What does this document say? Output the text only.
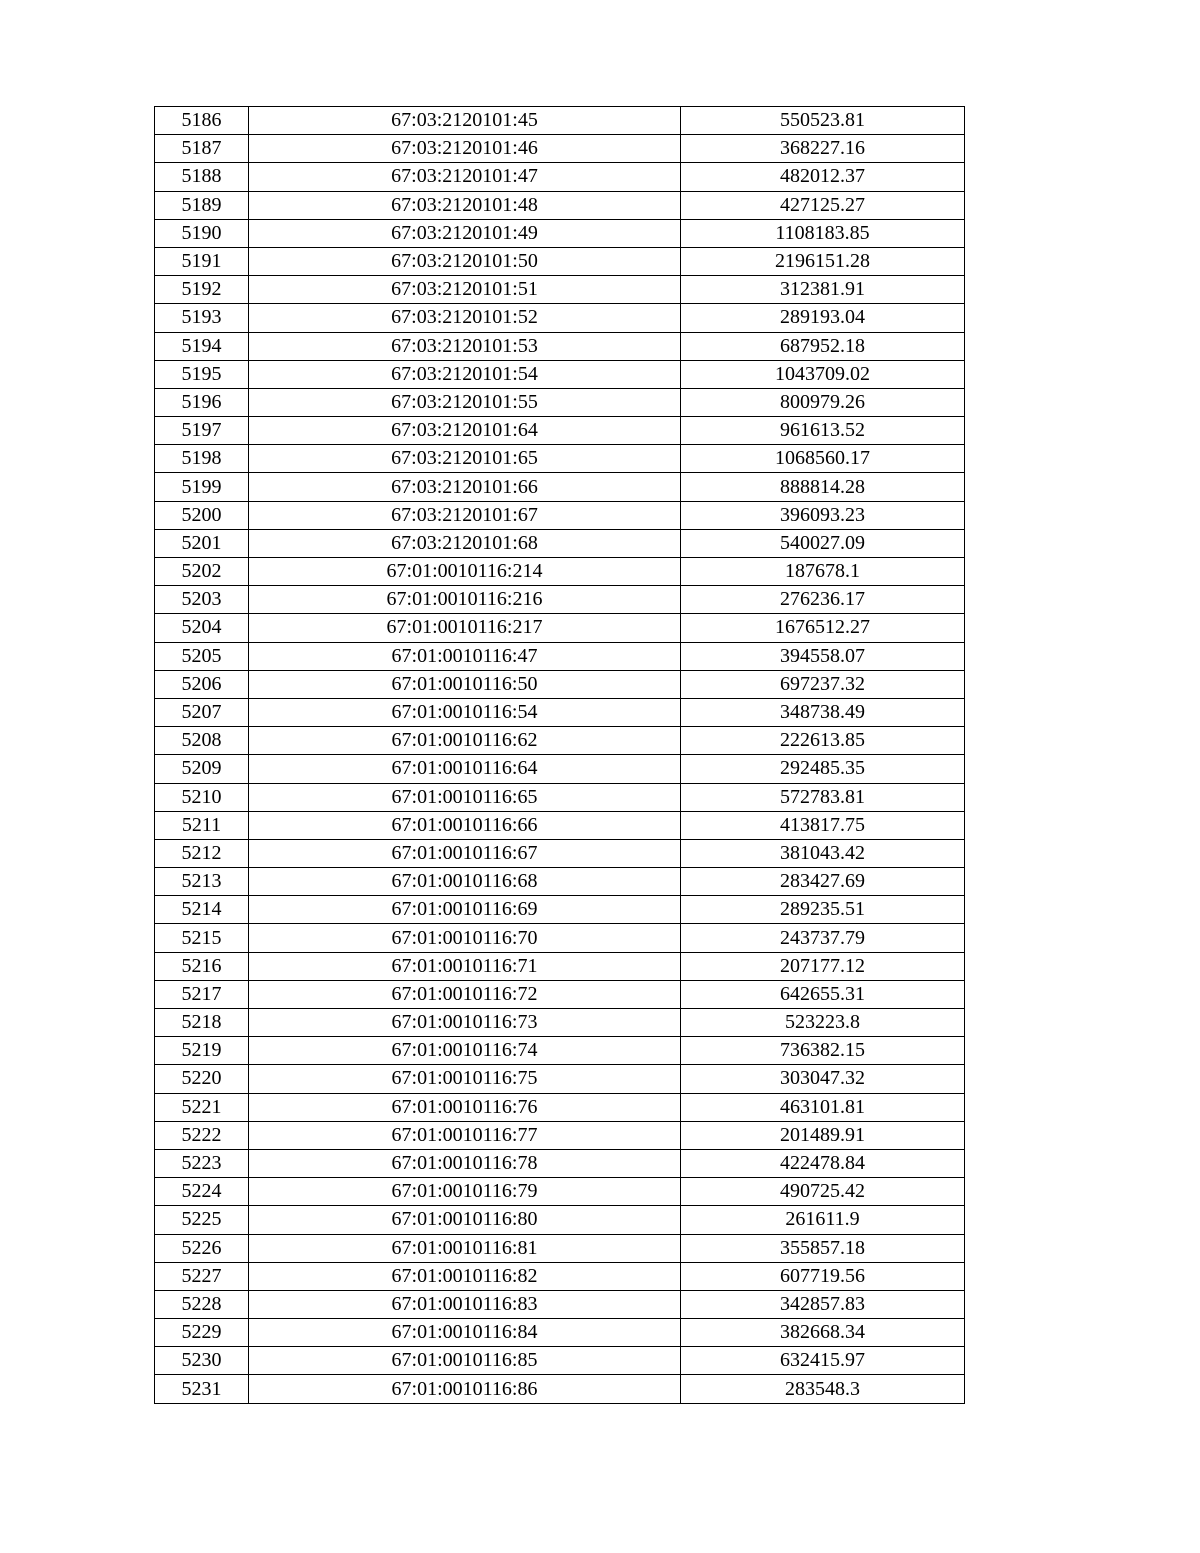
5186	67:03:2120101:45	550523.81
5187	67:03:2120101:46	368227.16
5188	67:03:2120101:47	482012.37
5189	67:03:2120101:48	427125.27
5190	67:03:2120101:49	1108183.85
5191	67:03:2120101:50	2196151.28
5192	67:03:2120101:51	312381.91
5193	67:03:2120101:52	289193.04
5194	67:03:2120101:53	687952.18
5195	67:03:2120101:54	1043709.02
5196	67:03:2120101:55	800979.26
5197	67:03:2120101:64	961613.52
5198	67:03:2120101:65	1068560.17
5199	67:03:2120101:66	888814.28
5200	67:03:2120101:67	396093.23
5201	67:03:2120101:68	540027.09
5202	67:01:0010116:214	187678.1
5203	67:01:0010116:216	276236.17
5204	67:01:0010116:217	1676512.27
5205	67:01:0010116:47	394558.07
5206	67:01:0010116:50	697237.32
5207	67:01:0010116:54	348738.49
5208	67:01:0010116:62	222613.85
5209	67:01:0010116:64	292485.35
5210	67:01:0010116:65	572783.81
5211	67:01:0010116:66	413817.75
5212	67:01:0010116:67	381043.42
5213	67:01:0010116:68	283427.69
5214	67:01:0010116:69	289235.51
5215	67:01:0010116:70	243737.79
5216	67:01:0010116:71	207177.12
5217	67:01:0010116:72	642655.31
5218	67:01:0010116:73	523223.8
5219	67:01:0010116:74	736382.15
5220	67:01:0010116:75	303047.32
5221	67:01:0010116:76	463101.81
5222	67:01:0010116:77	201489.91
5223	67:01:0010116:78	422478.84
5224	67:01:0010116:79	490725.42
5225	67:01:0010116:80	261611.9
5226	67:01:0010116:81	355857.18
5227	67:01:0010116:82	607719.56
5228	67:01:0010116:83	342857.83
5229	67:01:0010116:84	382668.34
5230	67:01:0010116:85	632415.97
5231	67:01:0010116:86	283548.3
